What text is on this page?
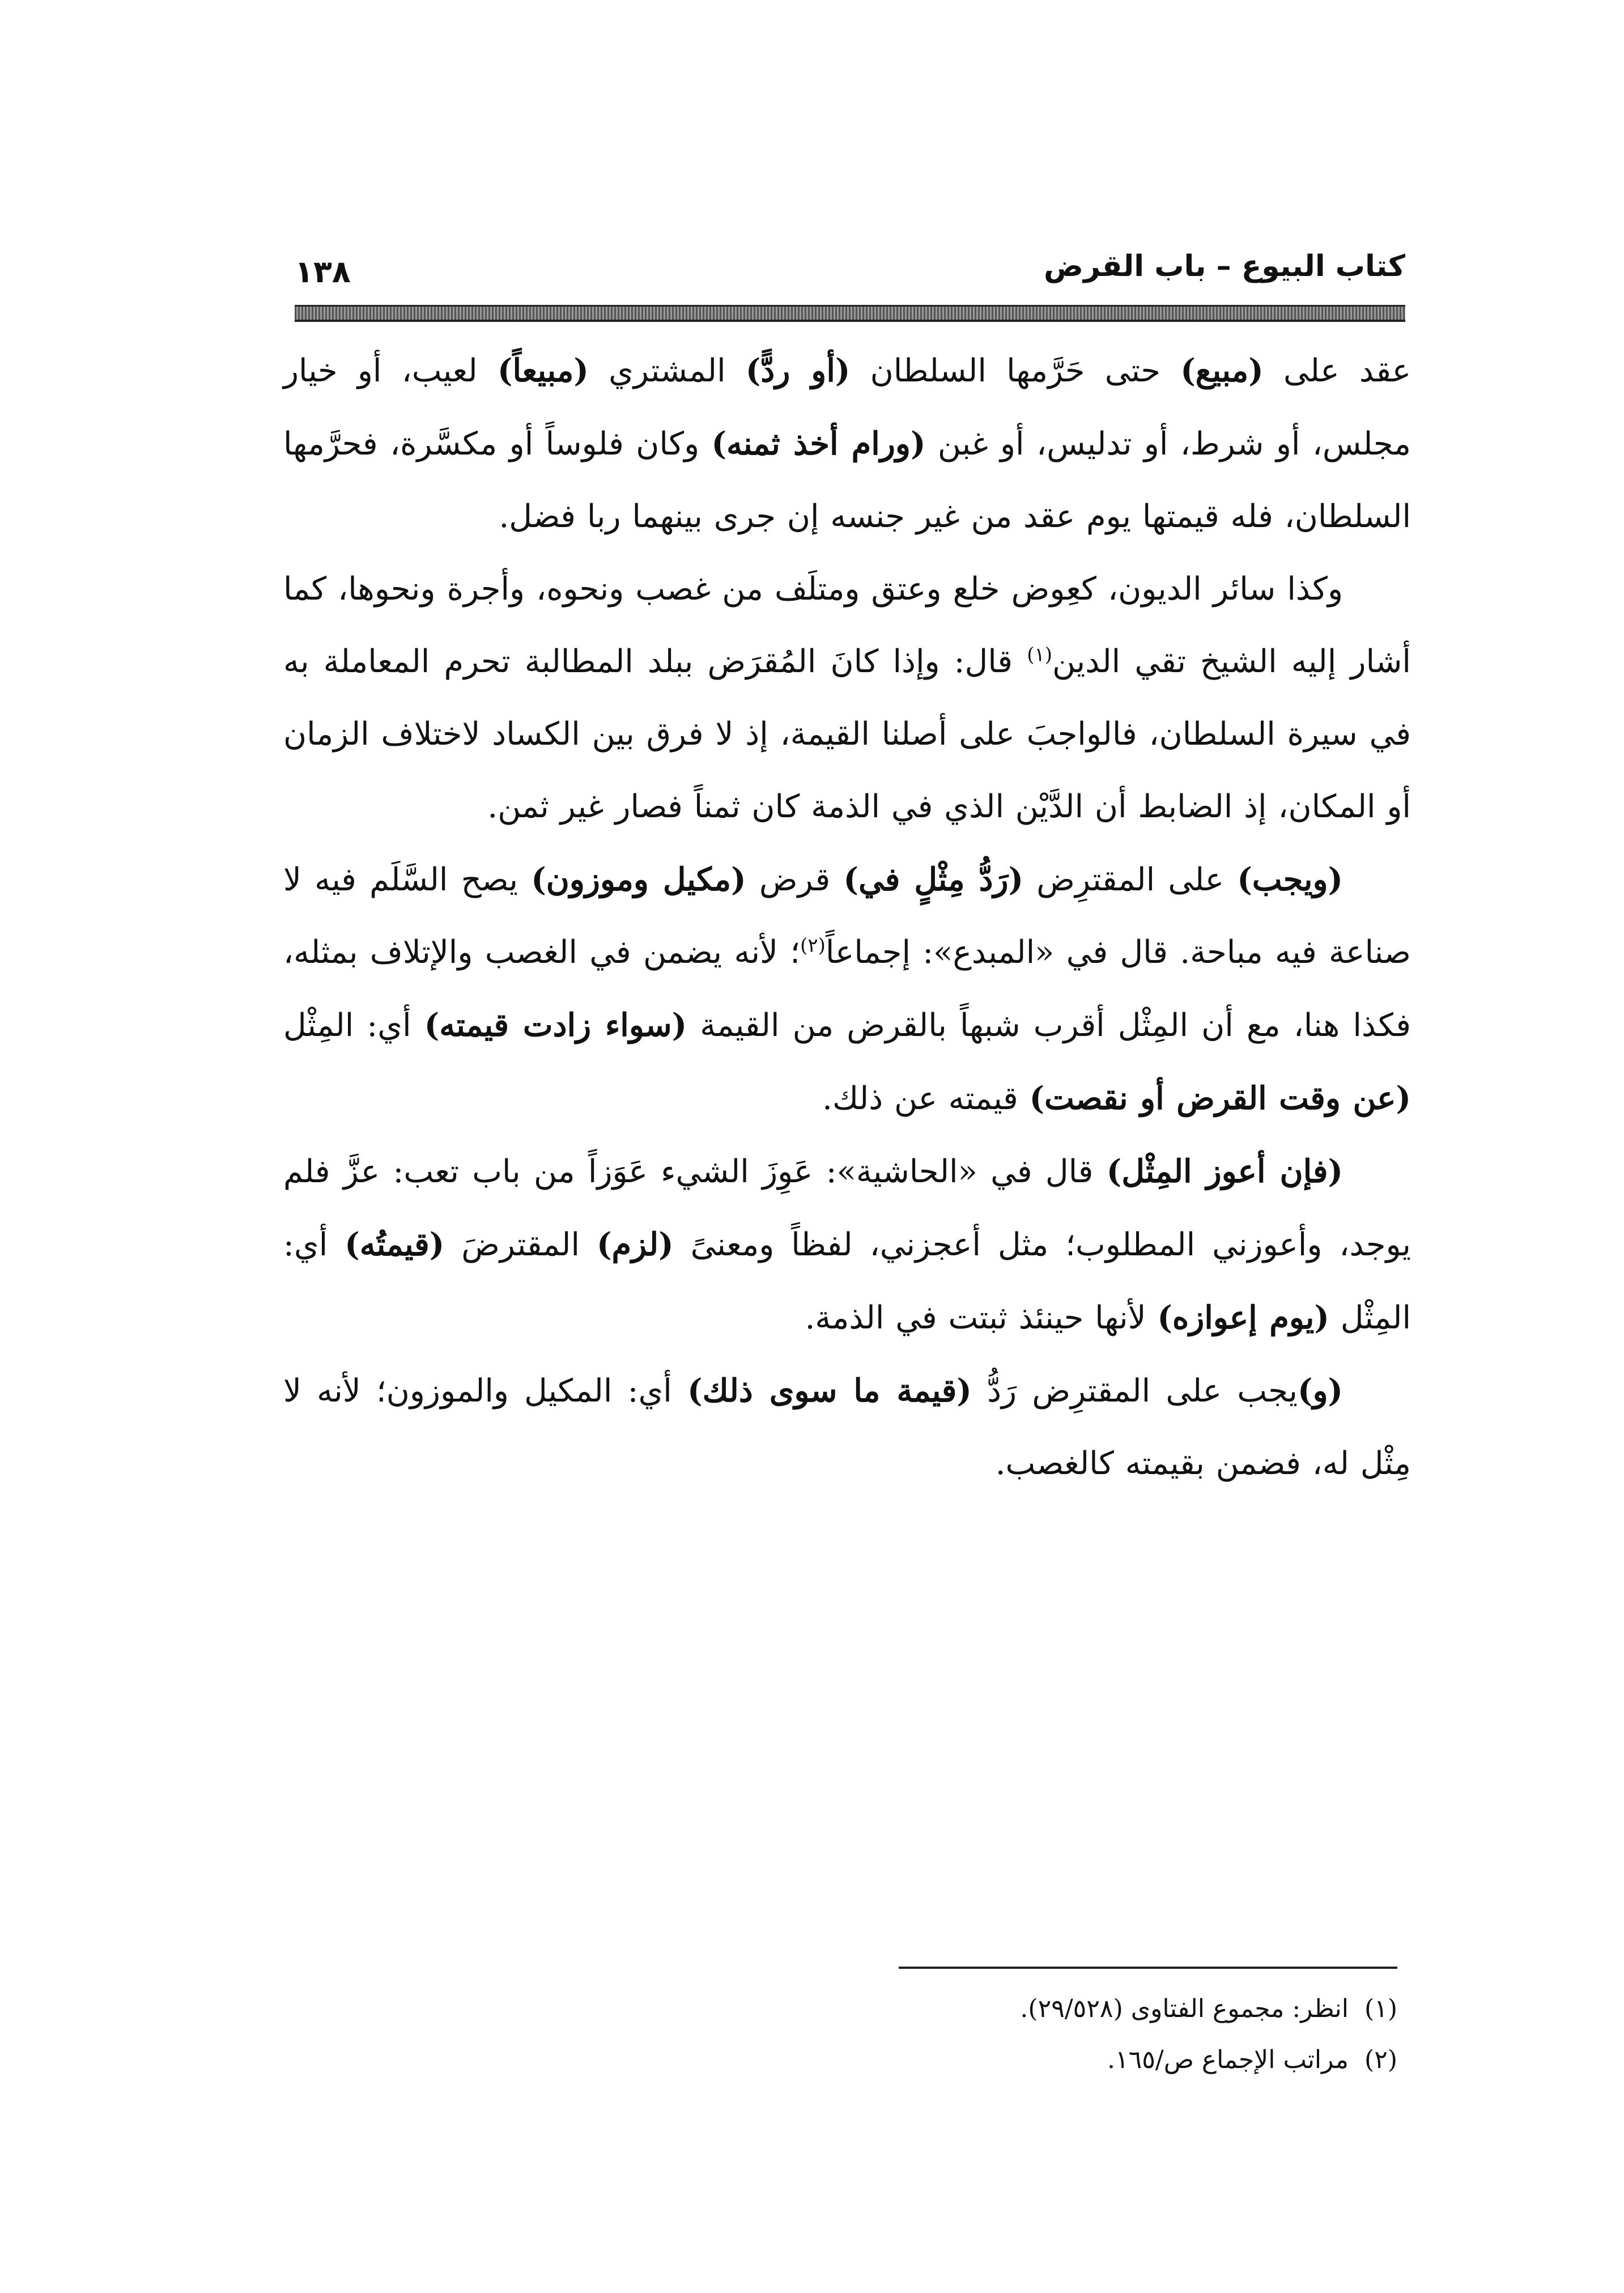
كتاب البيوع – باب القرض
١٣٨

عقد على (مبيع) حتى حَرَّمها السلطان (أو ردًّ) المشتري (مبيعاً) لعيب، أو خيار مجلس، أو شرط، أو تدليس، أو غبن (ورام أخذ ثمنه) وكان فلوساً أو مكسَّرة، فحرَّمها السلطان، فله قيمتها يوم عقد من غير جنسه إن جرى بينهما ربا فضل.

وكذا سائر الديون، كعِوض خلع وعتق ومتلَف من غصب ونحوه، وأجرة ونحوها، كما أشار إليه الشيخ تقي الدين$^{(١)}$ قال: وإذا كانَ المُقرَض ببلد المطالبة تحرم المعاملة به في سيرة السلطان، فالواجبَ على أصلنا القيمة، إذ لا فرق بين الكساد لاختلاف الزمان أو المكان، إذ الضابط أن الدَّيْن الذي في الذمة كان ثمناً فصار غير ثمن.

(ويجب) على المقترِض (رَدُّ مِثْلٍ في) قرض (مكيل وموزون) يصح السَّلَم فيه لا صناعة فيه مباحة. قال في «المبدع»: إجماعاً$^{(٢)}$؛ لأنه يضمن في الغصب والإتلاف بمثله، فكذا هنا، مع أن المِثْل أقرب شبهاً بالقرض من القيمة (سواء زادت قيمته) أي: المِثْل (عن وقت القرض أو نقصت) قيمته عن ذلك.

(فإن أعوز المِثْل) قال في «الحاشية»: عَوِزَ الشيء عَوَزاً من باب تعب: عزَّ فلم يوجد، وأعوزني المطلوب؛ مثل أعجزني، لفظاً ومعنىً (لزم) المقترضَ (قيمتُه) أي: المِثْل (يوم إعوازه) لأنها حينئذ ثبتت في الذمة.

(و)يجب على المقترِض رَدُّ (قيمة ما سوى ذلك) أي: المكيل والموزون؛ لأنه لا مِثْل له، فضمن بقيمته كالغصب.

(١)انظر: مجموع الفتاوى (٢٩/٥٢٨).
(٢)مراتب الإجماع ص/١٦٥.
